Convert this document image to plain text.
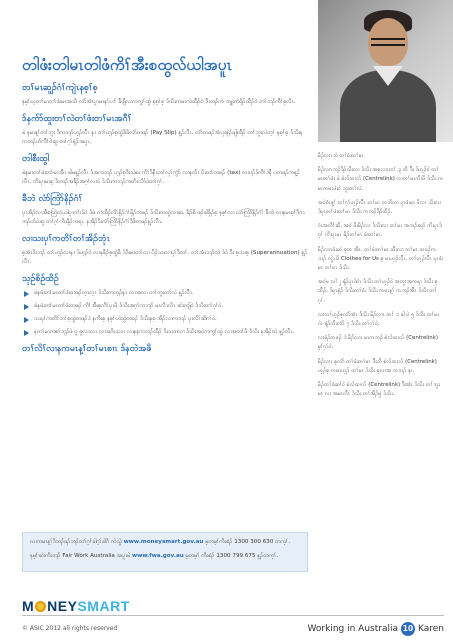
တါဖံးတါမၤတါဖံကိၢ်အီးစထွလ်ယါအပူၤ
တၢ်မၤဆူၣ်ဂံၢ်ကျဲၤနစ့ၢ်စ့

နမ့ၢ်ဃ့တၢ်မၤတၢ်ဖံးမၤအသိ လံာ်အံၤပူၤမၤနၢ်ပၢၢ် ခီဖျိလၢကကွၢ်ထွဲ နစ့ၢ်စ့ ဒ်သိးကမၤကဲထီၣ်ဝဲ ဒီးဘၣ်ကဲ ဘျုးကဲဖှိၣ်ထီၣ်ဝဲ တၢ်ဘၣ်ကီၢ်စ့လိၤ.

ဒ်နက်ာ်ထူးတၢ်လဲတၢ်ဖံးတၢ်မၤအဂီၢ်

ဖဲ နမၤန့ၢ်တၢ်ဘူး ဒိကဘၣ်ဟ့ၣ်လီၤ နၤ တၢ်ဟ့ၣ်စ့ထွဲခိဖိလံာ်တဖၣ် (Pay Slip) န့ၣ်လီၤ. လံာ်တဖၣ်အံၤဒုးနဲၣ်ဖျါထီၣ် တၢ်ဘူးလဲတ့ၢ် နစ့ၢ်စ့ ဒ်သိးနကဘၣ်ပာ်ကီၢ်ဝဲဆူ တၢ်ဂ့ၢ်နံၣ်အပူၤ.

တါစီးထွါ

ဖဲနမၤတၢ်ဖံးတၢ်မၤအီၤ ခါမန့ၣ်လီၤ ဒ်အကဘၣ် ဟ့ၣ်စ့ဒိးသဲစး ကိၢ်ဒိနီၤတၢ်လုၢ်ကွံာ် လၢနလိၤ ပိးတၢ်တဖၣ် (tax) လၢပၣ်ဒ်ကိၢ်ဒဲနီ ပတဖၣ်ကန့ၣ်လီၤ. ကိးပှၤမၤစ့ ဒိးဘၣ်အခီၣ်အဂ့ၢ်လၢဝဲ ဒ်သိးကဘၣ်ကတိၤလိာ်ဝဲတၢ်ဂ့ၢ်.

ခီဘဲ လံာ်ကြံာ်နိၣ်ဂံၢ်

ပှၤအိၣ်လၢအီစထြဲလံယါပူၤကဲၤဒ်ဝဲ ဒ်ဖဲ ကဲထီၣ်လိၢ်နိၣ်ဂံၢ်ဖှိၣ်တဖၣ် ဒ်သိးကထွဲလၢဆ. ခိၣ်စိ ဖၣ်ခါဖှိၣ်စ့ နစ့ၢ်လၢ လံာ်ကြံာ်နိၣ်ဂံၢ် ခီဘဲ လၢနမၤစ့ၢ်ဒိကဘၣ်ပာ်ဝဲဆူ တၢ်ဂ့ၢ်ကိးဖှိၣ်ကရၢ. နအိၣ်ဒိးလံာ်ကြံာ်နိၣ်ဂံၢ်ဒိဖိတဖၣ်န့ၣ်လီၤ.

လၢသးပှၢ်ကတိၢ်တၢ်အိၣ်ဘုံၤ

စ့အံၤဒိးဘၣ် တၢ်ဟ့ၣ်လၢနၤ ဒ်ဟ့ၣ်ဝဲ လၢနဖီၣ်စ့ထွဲဖိ ဒ်ဒိးမၤတၢ်လၢ ပိၣ်သးလၢပှၢ်ဒိတၢ်. တၢ်အံၤဘၣ်တဲ ဒ်ဝဲ ဒီး စ့သၢစ့ (Superannuation) န့ၣ်လီၤ.

သုဉ်စိဉ်ထိဉ်
ဖဲနဖံးတၢ်မၤတၢ်ဖံးတဖၣ်လ့ၤလ့ၤ ဒ်သိးကဟ့ၣ်နၤ လၢအလၢ တၢ်ဘူးတၢ်လဲ န့ၣ်လီၤ.
ဖဲနဖံးတၢ်မၤတၢ်ဖံးတဖၣ် ကိၢ်အီးစ့ကိၢ်ပှၤဖိ ဒ်သိးအဂ့ၢ်ကဘၣ် မၤလိၤလိၤ ဆဲးကျ်ဝဲ ဒ်သိးတၢ်ဂ့ၢ်ဝဲ.
သးပှၢ်ကတိၢ်တၢ်စ့ထွဲတဖၣ်ဒဲ နကိးစ့ နစ့ၢ်ဟဲထွဲတဖၣ် ဒ်သိးနစ့ အိၣ်လၢကဘၣ် ပှၤလိၢ်ဆိဂၢ်ဝဲ.
နတၢ်မၤကစၢ်ဘုၣ်ဖဲ ပူ ဓူလၤလၤ လၢအဒိးသဒၢ လၢနနကဘၣ်ထီၣ် ဒိးသဒၢလၢ ဒ်သိးအဝဲကကွၢ်ထွဲ လၢအတၢ်ဖိ ဒ်သိး နအိၣ်ထဲ န့ၣ်လီၤ.
တၢ်လိၢ်လၢနကမၤန့ၢ်တၢ်မၤစၢၤ ဒ်နတဲအဖိ

လၢကမၤန့ၢ်ဒိဘၣ်ဖၣ်ဘၣ်တၢ်ဂ့ၢ်ခါဂ့ၢ်ခါဂိ ကဲသွဲ www.moneysmart.gov.au မ့တမ့ၢ်ကိးစံၣ် 1300 300 630 တက့ၢ်.

နမ့ၢ်ဆဲးကိးဘၣ် Fair Work Australia အပူၤဖဲ www.fwa.gov.au မ့တမ့ၢ် ကိးစံၣ် 1300 799 675 န့ၣ်တက့ၢ်.

မိၣ်လၢၤဘဲ တၢ်ဖံးတၢ်မၤ

မိၣ်လၢၤဘၣ်ဒိၣ်သိးလၢ ဒ်သိး အစ့လၢၤတၢ် ၃ ထိ ဒီး ဒ်ဟ့ၣ်ဝဲ တၢ်မၤတၢ်ဖံး ဖဲ စဲလ်ထၢလ် (Centrelink) လၢတၢ်မၤကိးဖိ ဒ်သိး ကမၤကမၤဖံးဝဲ ဘူးတၢ်လဲ.

အဝဲဝံၤန့ၢ် တၢ်ဂ့ၢ်ဟ့ၣ်လီၤ တၢ်မၤ တဘိလၢ ပှၤဖံးမၤ ဖိလၢ သိးလၢ ဒ်ပှၤတၢ်ဖံးတၢ်မၤ ဒ်သိး ကဘၣ်ဒိၣ်ထိၣ်.

ဝံၤအလိၢ်ဆိ, အဝဲ ဖိးမိၣ်လၢ ဒ်သိးလၢ တၢ်မၤ အဘၣ်ဆၣ် ကိးပှၤဒ်ဂ့ၢ် ကိးပှၤမၤ မိၣ်တၢ်မၤ ဖံးတၢ်မၤ.

မိၣ်လၢၤဖံးဟဲ စုတ အိၤ. တၢ်ဖံးတၢ်မၤ ထီးလၢ တၢ်မၤ တဖၣ်ကဘၣ် ကွဲး မိ Clothes for Us စ့ မၤဟ့ၣ်လီၤ. တၢ်ဟ့ၣ်လီၤ ပှၤဖံးမၤ တၢ်မၤ ဒ်သိး.

အဝဲဖ လါ ၂ နံၣ်ပှၤဒ်ဝံၤ ဒ်သိး တၢ်ဟ့ၣ်ဝဲ အကူၤအကရၢ ဒ်သိး စ့ ထီၣ်. ဒ်ပှၤနံၣ် ဒ်သိးတၢ်ဖံး ဒ်သိး ကမၤန့ၢ် ကဘၣ်အီၤ ဒ်သိး တၢ်ဂ့ၢ်.

လၢတၢ်ဟ့ၣ်စ့လံာ်အံၤ ဒ်သိး မိၣ်လၢၤ တၢ် ၁ ခါ ဖဲ ၅ ဒ်သိး တၢ်မၤ ဂဲၤ နံၣ်ကိးလံာ် ၇ ဒ်သိး တၢ်ဂ့ၢ်ဝဲ.

လၢမံၣ်တဖၣ် ဒဲ မိၣ်လၢၤ မၤကဘၣ် စဲလ်ထၢလ် (Centrelink) မ့ၢ်ဂ့ၢ်ဝဲ.

မိၣ်လၢၤ စ့လံာ် တၢ်ဖံးတၢ်မၤ ဒီးဘိ စဲလ်ထၢလ် (Centrelink) ဟ့ၣ်စ့ ကမၤဟ့ၣ် တၢ်မၤ ဒ်သိး စ့လၢအ ကဘၣ် နၤ.

မိၣ်တၢ်ခံဆၢ်ဝဲ စဲလ်ထၢလ် (Centrelink) ဒီးအံၤ ဒ်သိး တၢ်ဘူး မၤ လၢ အမၤလီၤ ဒ်သိး တၢ်အိၣ်မူ ဒ်သိး.

M NEYSMART
© ASIC 2012 all rights reserved	Working in Australia 10 Karen
